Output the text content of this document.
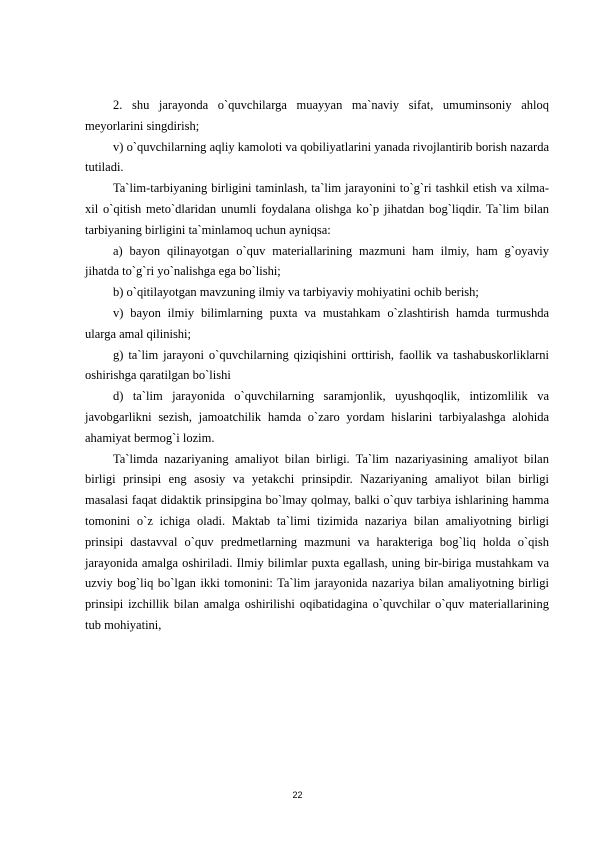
2. shu jarayonda o`quvchilarga muayyan ma`naviy sifat, umuminsoniy ahloq meyorlarini singdirish;

v) o`quvchilarning aqliy kamoloti va qobiliyatlarini yanada rivojlantirib borish nazarda tutiladi.

Ta`lim-tarbiyaning birligini taminlash, ta`lim jarayonini to`g`ri tashkil etish va xilma-xil o`qitish meto`dlaridan unumli foydalana olishga ko`p jihatdan bog`liqdir. Ta`lim bilan tarbiyaning birligini ta`minlamoq uchun ayniqsa:

a) bayon qilinayotgan o`quv materiallarining mazmuni ham ilmiy, ham g`oyaviy jihatda to`g`ri yo`nalishga ega bo`lishi;

b) o`qitilayotgan mavzuning ilmiy va tarbiyaviy mohiyatini ochib berish;

v) bayon ilmiy bilimlarning puxta va mustahkam o`zlashtirish hamda turmushda ularga amal qilinishi;

g) ta`lim jarayoni o`quvchilarning qiziqishini orttirish, faollik va tashabuskorliklarni oshirishga qaratilgan bo`lishi

d) ta`lim jarayonida o`quvchilarning saramjonlik, uyushqoqlik, intizomlilik va javobgarlikni sezish, jamoatchilik hamda o`zaro yordam hislarini tarbiyalashga alohida ahamiyat bermog`i lozim.

Ta`limda nazariyaning amaliyot bilan birligi. Ta`lim nazariyasining amaliyot bilan birligi prinsipi eng asosiy va yetakchi prinsipdir. Nazariyaning amaliyot bilan birligi masalasi faqat didaktik prinsipgina bo`lmay qolmay, balki o`quv tarbiya ishlarining hamma tomonini o`z ichiga oladi. Maktab ta`limi tizimida nazariya bilan amaliyotning birligi prinsipi dastavval o`quv predmetlarning mazmuni va harakteriga bog`liq holda o`qish jarayonida amalga oshiriladi. Ilmiy bilimlar puxta egallash, uning bir-biriga mustahkam va uzviy bog`liq bo`lgan ikki tomonini: Ta`lim jarayonida nazariya bilan amaliyotning birligi prinsipi izchillik bilan amalga oshirilishi oqibatidagina o`quvchilar o`quv materiallarining tub mohiyatini,

22
